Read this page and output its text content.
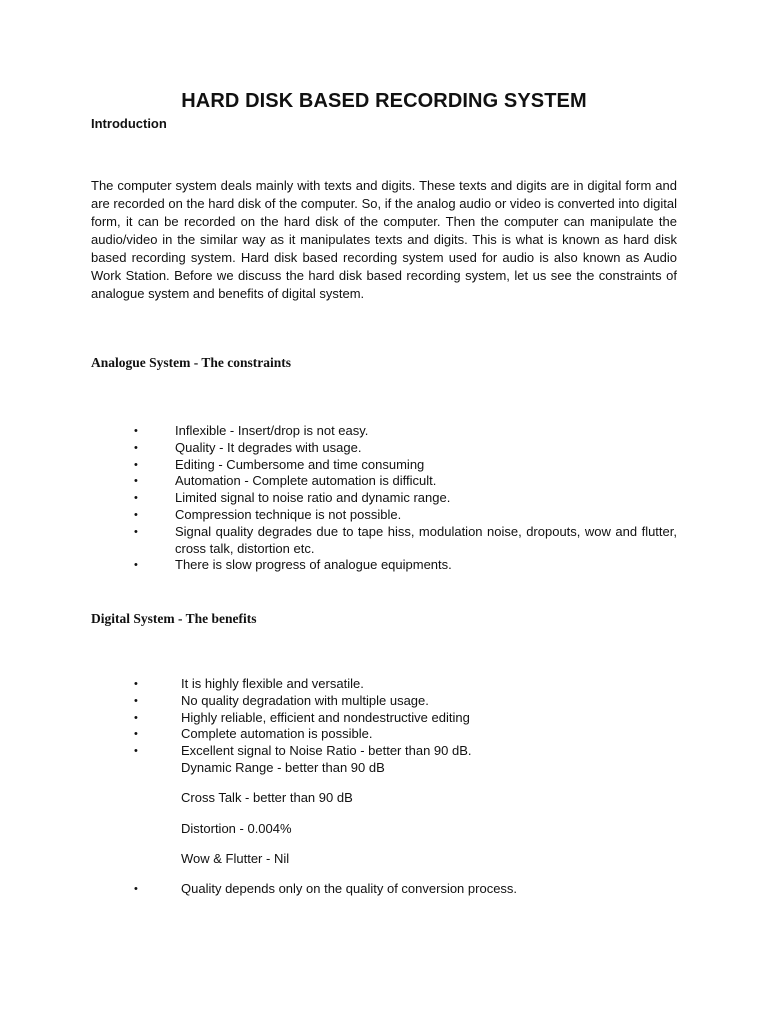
HARD DISK BASED RECORDING SYSTEM
Introduction

The computer system deals mainly with texts and digits. These texts and digits are in digital form and are recorded on the hard disk of the computer. So, if the analog audio or video is converted into digital form, it can be recorded on the hard disk of the computer. Then the computer can manipulate the audio/video in the similar way as it manipulates texts and digits. This is what is known as hard disk based recording system. Hard disk based recording system used for audio is also known as Audio Work Station. Before we discuss the hard disk based recording system, let us see the constraints of analogue system and benefits of digital system.

Analogue System - The constraints
•	Inflexible - Insert/drop is not easy.
•	Quality - It degrades with usage.
•	Editing - Cumbersome and time consuming
•	Automation - Complete automation is difficult.
•	Limited signal to noise ratio and dynamic range.
•	Compression technique is not possible.
•	Signal quality degrades due to tape hiss, modulation noise, dropouts, wow and flutter, cross talk, distortion etc.
•	There is slow progress of analogue equipments.
Digital System - The benefits
•	It is highly flexible and versatile.
•	No quality degradation with multiple usage.
•	Highly reliable, efficient and nondestructive editing
•	Complete automation is possible.
•	Excellent signal to Noise Ratio - better than 90 dB.
Dynamic Range - better than 90 dB
Cross Talk - better than 90 dB
Distortion - 0.004%
Wow & Flutter - Nil
•	Quality depends only on the quality of conversion process.
